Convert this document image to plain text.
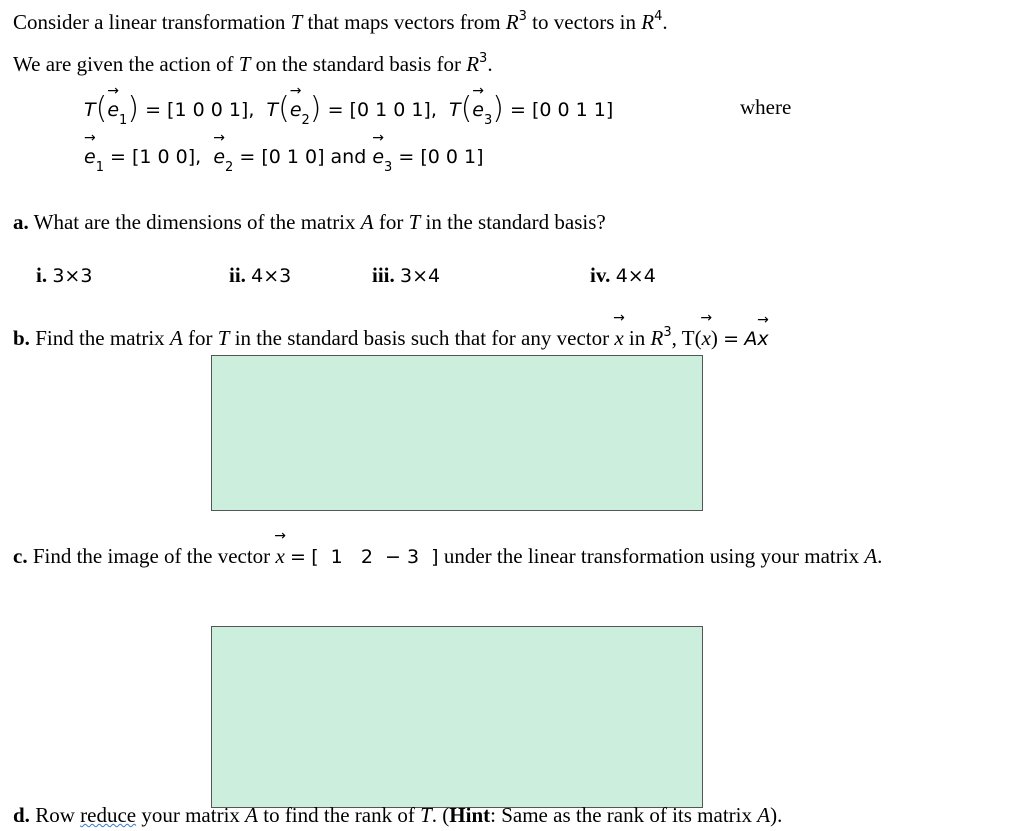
Consider a linear transformation T that maps vectors from $R^3$ to vectors in $R^4$.
We are given the action of T on the standard basis for $R^3$.
$T(\to e_1) = [1$ 0 0 1], $T(\to e_2) = [0$ 1 0 1], $T(\to e_3) = [0$ 0 1 1]	where
→ $e_1 = [1$ 0 0], → $e_2 = [0$ 1 0] and → $e_3 = [0$ 0 1]
a. What are the dimensions of the matrix A for T in the standard basis?
i. 3×3	ii. 4×3	iii. 3×4	iv. 4×4
b. Find the matrix A for T in the standard basis such that for any vector → x in $R^3$, T(→ x) = A→ x
c. Find the image of the vector → x = [  1   2  − 3  ] under the linear transformation using your matrix A.
d. Row reduce your matrix A to find the rank of T. (Hint: Same as the rank of its matrix A).
